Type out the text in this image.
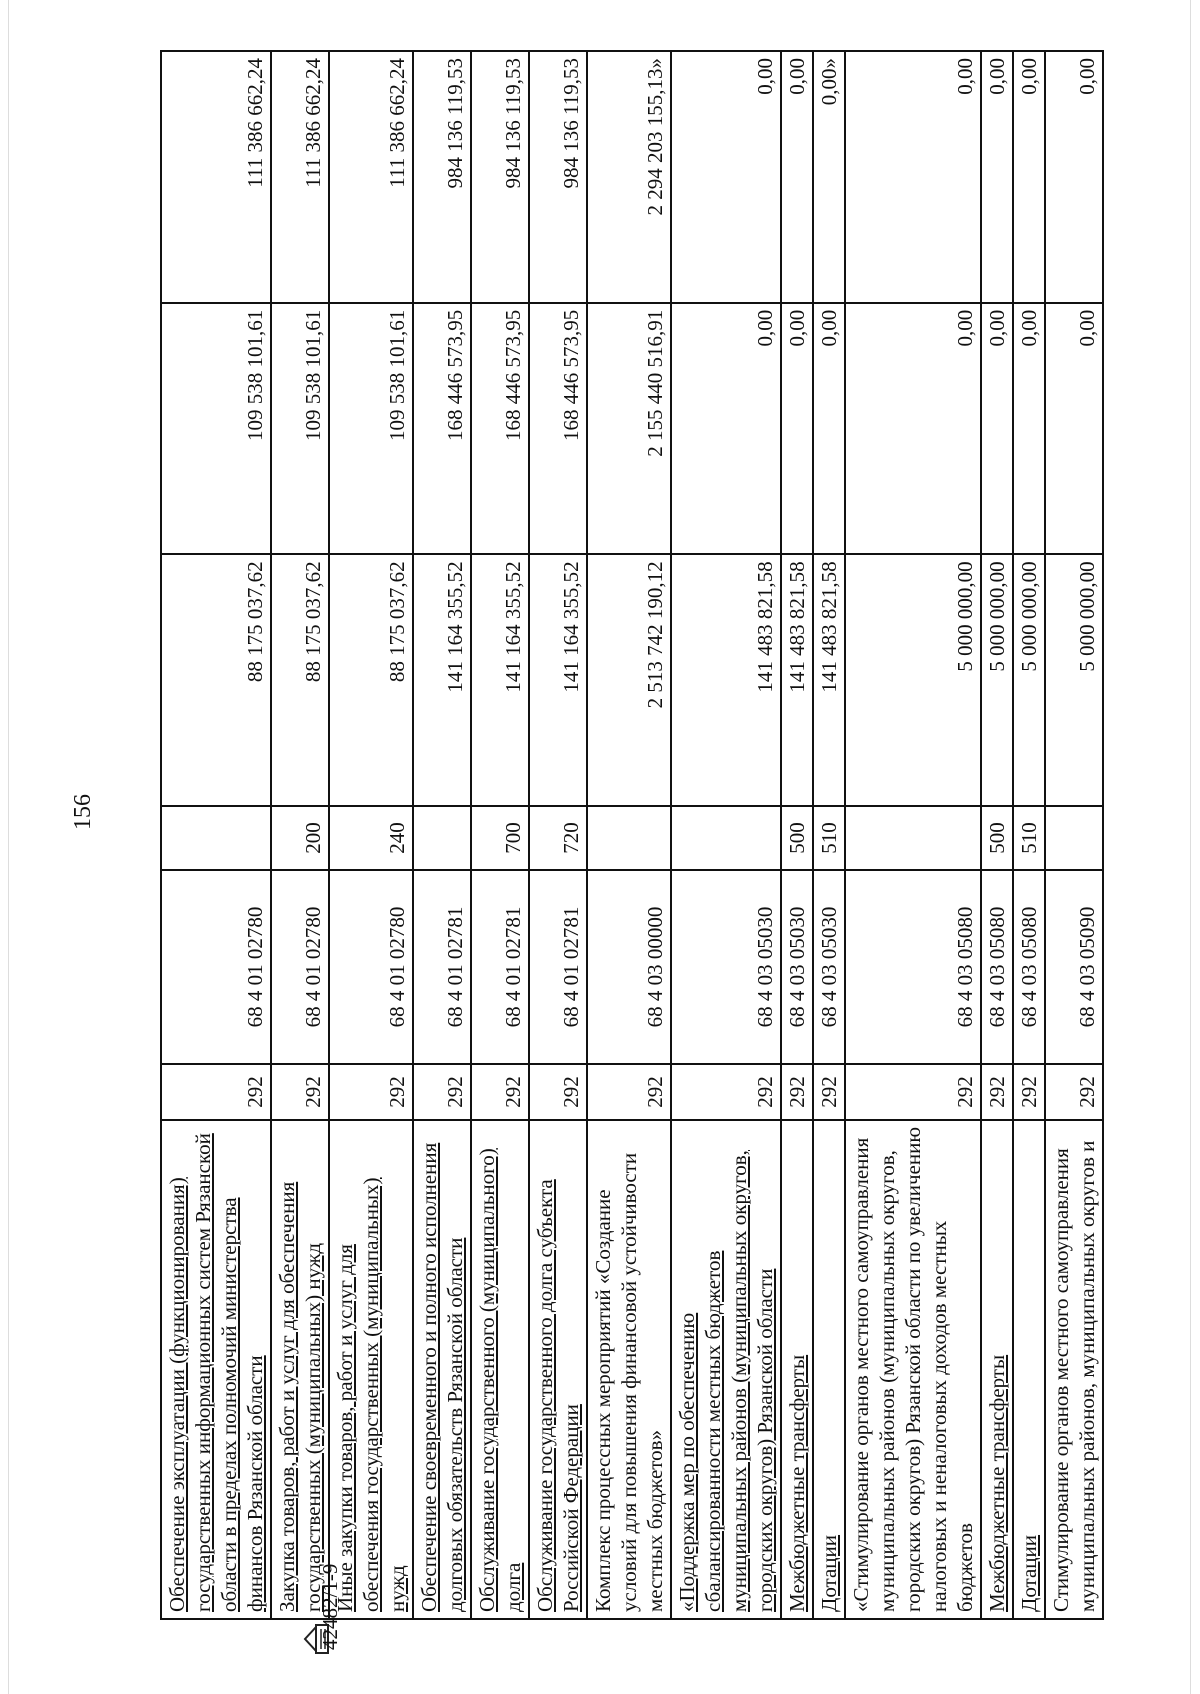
156
Обеспечение эксплуатации (функционирования) государственных информационных систем Рязанской области в пределах полномочий министерства финансов Рязанской области	292	68 4 01 02780		88 175 037,62	109 538 101,61	111 386 662,24
Закупка товаров, работ и услуг для обеспечения государственных (муниципальных) нужд	292	68 4 01 02780	200	88 175 037,62	109 538 101,61	111 386 662,24
Иные закупки товаров, работ и услуг для обеспечения государственных (муниципальных) нужд	292	68 4 01 02780	240	88 175 037,62	109 538 101,61	111 386 662,24
Обеспечение своевременного и полного исполнения долговых обязательств Рязанской области	292	68 4 01 02781		141 164 355,52	168 446 573,95	984 136 119,53
Обслуживание государственного (муниципального) долга	292	68 4 01 02781	700	141 164 355,52	168 446 573,95	984 136 119,53
Обслуживание государственного долга субъекта Российской Федерации	292	68 4 01 02781	720	141 164 355,52	168 446 573,95	984 136 119,53
Комплекс процессных мероприятий «Создание условий для повышения финансовой устойчивости местных бюджетов»	292	68 4 03 00000		2 513 742 190,12	2 155 440 516,91	2 294 203 155,13»
«Поддержка мер по обеспечению сбалансированности местных бюджетов муниципальных районов (муниципальных округов, городских округов) Рязанской области	292	68 4 03 05030		141 483 821,58	0,00	0,00
Межбюджетные трансферты	292	68 4 03 05030	500	141 483 821,58	0,00	0,00
Дотации	292	68 4 03 05030	510	141 483 821,58	0,00	0,00»
«Стимулирование органов местного самоуправления муниципальных районов (муниципальных округов, городских округов) Рязанской области по увеличению налоговых и неналоговых доходов местных бюджетов	292	68 4 03 05080		5 000 000,00	0,00	0,00
Межбюджетные трансферты	292	68 4 03 05080	500	5 000 000,00	0,00	0,00
Дотации	292	68 4 03 05080	510	5 000 000,00	0,00	0,00
Стимулирование органов местного самоуправления муниципальных районов, муниципальных округов и	292	68 4 03 05090		5 000 000,00	0,00	0,00
42482/1-9
